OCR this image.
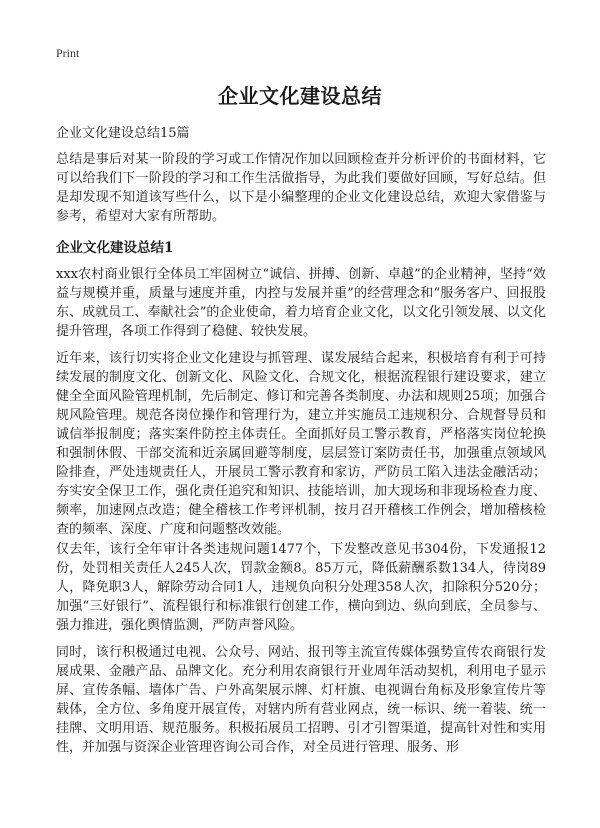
Print
企业文化建设总结

企业文化建设总结15篇

总结是事后对某一阶段的学习或工作情况作加以回顾检查并分析评价的书面材料，它可以给我们下一阶段的学习和工作生活做指导，为此我们要做好回顾，写好总结。但是却发现不知道该写些什么，以下是小编整理的企业文化建设总结，欢迎大家借鉴与参考，希望对大家有所帮助。

企业文化建设总结1

xxx农村商业银行全体员工牢固树立“诚信、拼搏、创新、卓越”的企业精神，坚持“效益与规模并重，质量与速度并重，内控与发展并重”的经营理念和“服务客户、回报股东、成就员工、奉献社会”的企业使命，着力培育企业文化，以文化引领发展、以文化提升管理，各项工作得到了稳健、较快发展。

近年来，该行切实将企业文化建设与抓管理、谋发展结合起来，积极培育有利于可持续发展的制度文化、创新文化、风险文化、合规文化，根据流程银行建设要求，建立健全全面风险管理机制，先后制定、修订和完善各类制度、办法和规则25项；加强合规风险管理。规范各岗位操作和管理行为，建立并实施员工违规积分、合规督导员和诚信举报制度；落实案件防控主体责任。全面抓好员工警示教育，严格落实岗位轮换和强制休假、干部交流和近亲属回避等制度，层层签订案防责任书，加强重点领域风险排查，严处违规责任人，开展员工警示教育和家访，严防员工陷入违法金融活动；夯实安全保卫工作，强化责任追究和知识、技能培训，加大现场和非现场检查力度、频率，加速网点改造；健全稽核工作考评机制，按月召开稽核工作例会，增加稽核检查的频率、深度、广度和问题整改效能。

仅去年，该行全年审计各类违规问题1477个，下发整改意见书304份，下发通报12份，处罚相关责任人245人次，罚款金额8。85万元，降低薪酬系数134人，待岗89人，降免职3人，解除劳动合同1人，违规负向积分处理358人次，扣除积分520分；加强“三好银行”、流程银行和标准银行创建工作，横向到边、纵向到底，全员参与、强力推进，强化舆情监测，严防声誉风险。

同时，该行积极通过电视、公众号、网站、报刊等主流宣传媒体强势宣传农商银行发展成果、金融产品、品牌文化。充分利用农商银行开业周年活动契机，利用电子显示屏、宣传条幅、墙体广告、户外高架展示牌、灯杆旗、电视调台角标及形象宣传片等载体，全方位、多角度开展宣传，对辖内所有营业网点，统一标识、统一着装、统一挂牌、文明用语、规范服务。积极拓展员工招聘、引才引智渠道，提高针对性和实用性，并加强与资深企业管理咨询公司合作，对全员进行管理、服务、形
